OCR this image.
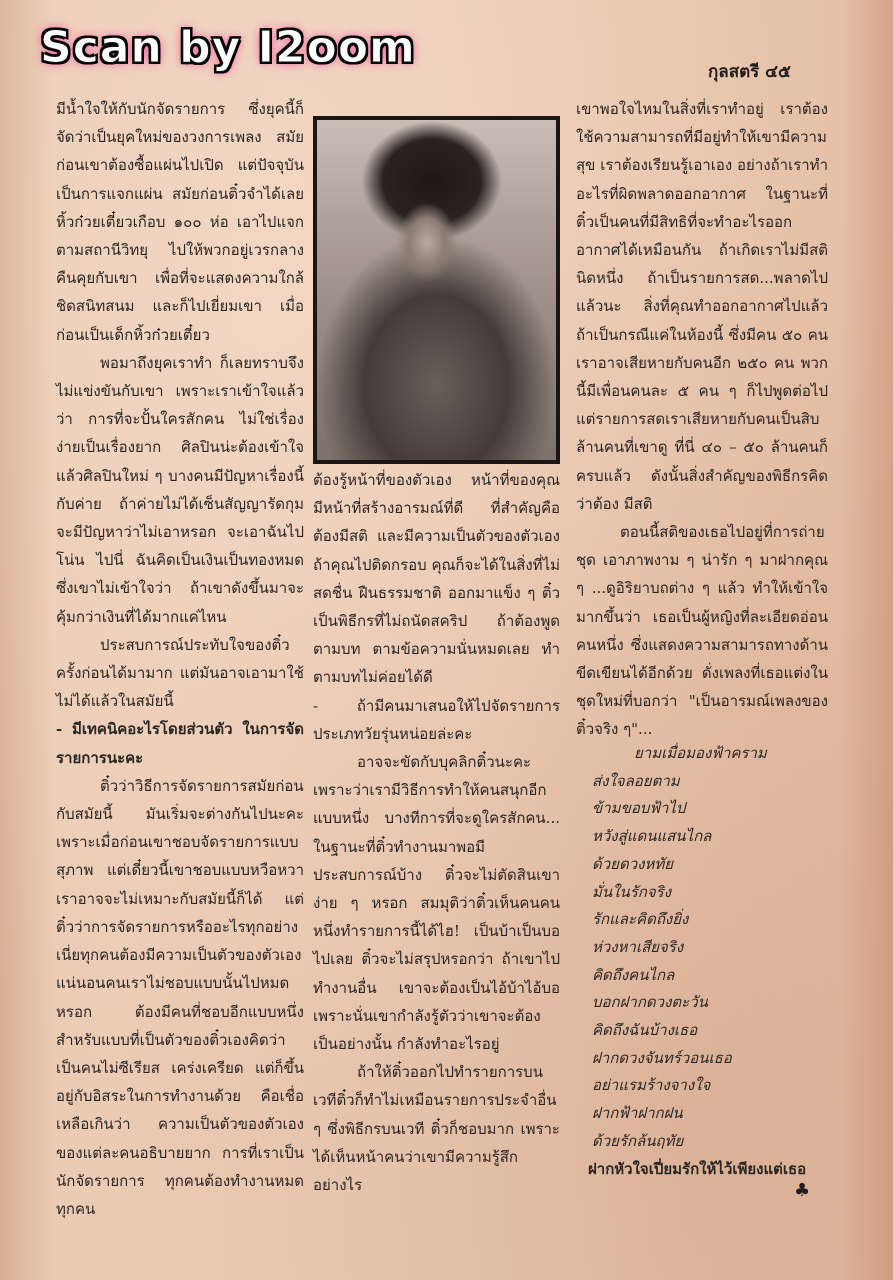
Scan by I2oom	กุลสตรี ๔๕

มีน้ำใจให้กับนักจัดรายการ ซึ่งยุคนี้ก็จัดว่าเป็นยุคใหม่ของวงการเพลง สมัยก่อนเขาต้องซื้อแผ่นไปเปิด แต่ปัจจุบันเป็นการแจกแผ่น สมัยก่อนติ๋วจำได้เลยหิ้วก๋วยเตี๋ยวเกือบ ๑๐๐ ห่อ เอาไปแจกตามสถานีวิทยุ ไปให้พวกอยู่เวรกลางคืนคุยกับเขา เพื่อที่จะแสดงความใกล้ชิดสนิทสนม และก็ไปเยี่ยมเขา เมื่อก่อนเป็นเด็กหิ้วก๋วยเตี๋ยว

พอมาถึงยุคเราทำ ก็เลยทราบจึงไม่แข่งขันกับเขา เพราะเราเข้าใจแล้วว่า การที่จะปั้นใครสักคน ไม่ใช่เรื่องง่ายเป็นเรื่องยาก ศิลปินน่ะต้องเข้าใจ แล้วศิลปินใหม่ ๆ บางคนมีปัญหาเรื่องนี้กับค่าย ถ้าค่ายไม่ได้เซ็นสัญญารัดกุมจะมีปัญหาว่าไม่เอาหรอก จะเอาฉันไปโน่น ไปนี่ ฉันคิดเป็นเงินเป็นทองหมดซึ่งเขาไม่เข้าใจว่า ถ้าเขาดังขึ้นมาจะคุ้มกว่าเงินที่ได้มากแค่ไหน

ประสบการณ์ประทับใจของติ๋วครั้งก่อนได้มามาก แต่มันอาจเอามาใช้ไม่ได้แล้วในสมัยนี้

- มีเทคนิคอะไรโดยส่วนตัว ในการจัดรายการนะคะ

ติ๋วว่าวิธีการจัดรายการสมัยก่อนกับสมัยนี้ มันเริ่มจะต่างกันไปนะคะ เพราะเมื่อก่อนเขาชอบจัดรายการแบบสุภาพ แต่เดี๋ยวนี้เขาชอบแบบหวือหวา เราอาจจะไม่เหมาะกับสมัยนี้ก็ได้ แต่ติ๋วว่าการจัดรายการหรืออะไรทุกอย่างเนี่ยทุกคนต้องมีความเป็นตัวของตัวเอง แน่นอนคนเราไม่ชอบแบบนั้นไปหมดหรอก ต้องมีคนที่ชอบอีกแบบหนึ่ง สำหรับแบบที่เป็นตัวของติ๋วเองคิดว่า เป็นคนไม่ซีเรียส เคร่งเครียด แต่ก็ขึ้นอยู่กับอิสระในการทำงานด้วย คือเชื่อเหลือเกินว่า ความเป็นตัวของตัวเองของแต่ละคนอธิบายยาก การที่เราเป็นนักจัดรายการ ทุกคนต้องทำงานหมด ทุกคน

ต้องรู้หน้าที่ของตัวเอง หน้าที่ของคุณมีหน้าที่สร้างอารมณ์ที่ดี ที่สำคัญคือต้องมีสติ และมีความเป็นตัวของตัวเอง ถ้าคุณไปติดกรอบ คุณก็จะได้ในสิ่งที่ไม่สดชื่น ฝืนธรรมชาติ ออกมาแข็ง ๆ ติ๋วเป็นพิธีกรที่ไม่ถนัดสคริป ถ้าต้องพูดตามบท ตามข้อความนั่นหมดเลย ทำตามบทไม่ค่อยได้ดี

- ถ้ามีคนมาเสนอให้ไปจัดรายการประเภทวัยรุ่นหน่อยล่ะคะ

อาจจะขัดกับบุคลิกติ๋วนะคะ เพราะว่าเรามีวิธีการทำให้คนสนุกอีกแบบหนึ่ง บางทีการที่จะดูใครสักคน... ในฐานะที่ติ๋วทำงานมาพอมีประสบการณ์บ้าง ติ๋วจะไม่ตัดสินเขาง่าย ๆ หรอก สมมุติว่าติ๋วเห็นคนคนหนึ่งทำรายการนี้ได้ไฮ! เป็นบ้าเป็นบอไปเลย ติ๋วจะไม่สรุปหรอกว่า ถ้าเขาไปทำงานอื่น เขาจะต้องเป็นไอ้บ้าไอ้บอ เพราะนั่นเขากำลังรู้ตัวว่าเขาจะต้องเป็นอย่างนั้น กำลังทำอะไรอยู่

ถ้าให้ติ๋วออกไปทำรายการบนเวทีติ๋วก็ทำไม่เหมือนรายการประจำอื่น ๆ ซึ่งพิธีกรบนเวที ติ๋วก็ชอบมาก เพราะได้เห็นหน้าคนว่าเขามีความรู้สึกอย่างไร

เขาพอใจไหมในสิ่งที่เราทำอยู่ เราต้องใช้ความสามารถที่มีอยู่ทำให้เขามีความสุข เราต้องเรียนรู้เอาเอง อย่างถ้าเราทำอะไรที่ผิดพลาดออกอากาศ ในฐานะที่ติ๋วเป็นคนที่มีสิทธิที่จะทำอะไรออกอากาศได้เหมือนกัน ถ้าเกิดเราไม่มีสตินิดหนึ่ง ถ้าเป็นรายการสด...พลาดไปแล้วนะ สิ่งที่คุณทำออกอากาศไปแล้วถ้าเป็นกรณีแค่ในห้องนี้ ซึ่งมีคน ๕๐ คน เราอาจเสียหายกับคนอีก ๒๕๐ คน พวกนี้มีเพื่อนคนละ ๕ คน ๆ ก็ไปพูดต่อไป แต่รายการสดเราเสียหายกับคนเป็นสิบล้านคนที่เขาดู ที่นี่ ๔๐ – ๕๐ ล้านคนก็ครบแล้ว ดังนั้นสิ่งสำคัญของพิธีกรคิดว่าต้อง มีสติ

ตอนนี้สติของเธอไปอยู่ที่การถ่ายชุด เอาภาพงาม ๆ น่ารัก ๆ มาฝากคุณ ๆ ...ดูอิริยาบถต่าง ๆ แล้ว ทำให้เข้าใจมากขึ้นว่า เธอเป็นผู้หญิงที่ละเอียดอ่อนคนหนึ่ง ซึ่งแสดงความสามารถทางด้านขีดเขียนได้อีกด้วย ดั่งเพลงที่เธอแต่งในชุดใหม่ที่บอกว่า "เป็นอารมณ์เพลงของติ๋วจริง ๆ"...

ยามเมื่อมองฟ้าคราม
ส่งใจลอยตาม
ข้ามขอบฟ้าไป
หวังสู่แดนแสนไกล
ด้วยดวงหทัย
มั่นในรักจริง
รักและคิดถึงยิ่ง
ห่วงหาเสียจริง
คิดถึงคนไกล
บอกฝากดวงตะวัน
คิดถึงฉันบ้างเธอ
ฝากดวงจันทร์วอนเธอ
อย่าแรมร้างจางใจ
ฝากฟ้าฝากฝน
ด้วยรักล้นฤทัย
ฝากหัวใจเปี่ยมรักให้ไว้เพียงแต่เธอ
♣
